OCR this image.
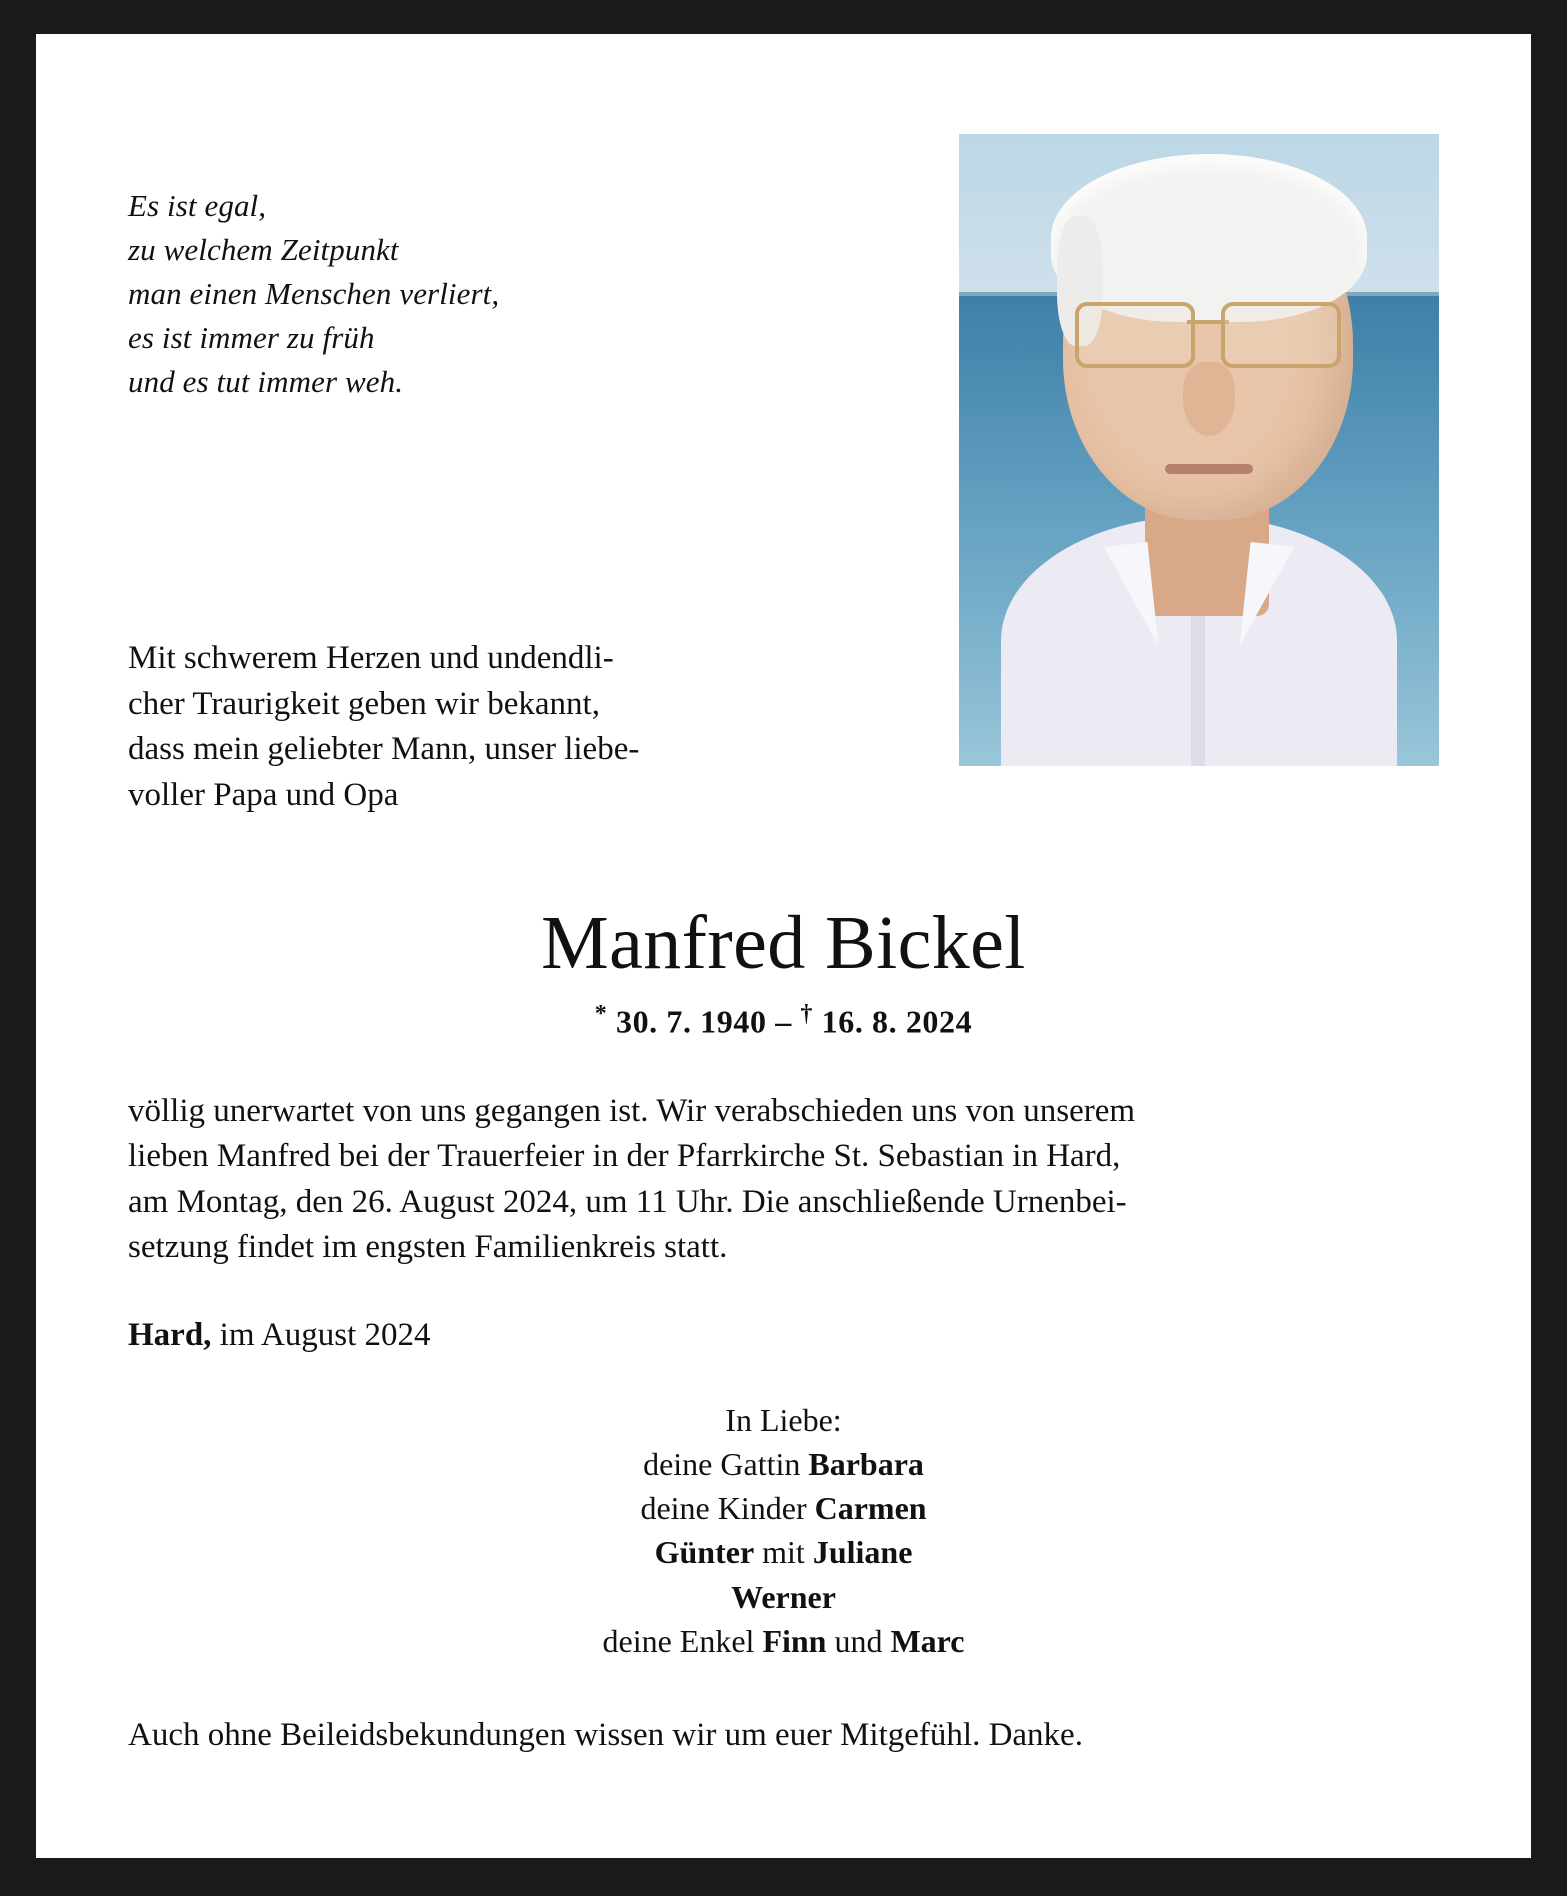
Es ist egal,
zu welchem Zeitpunkt
man einen Menschen verliert,
es ist immer zu früh
und es tut immer weh.
Mit schwerem Herzen und undendli-
cher Traurigkeit geben wir bekannt,
dass mein geliebter Mann, unser liebe-
voller Papa und Opa
Manfred Bickel
* 30. 7. 1940 – † 16. 8. 2024
völlig unerwartet von uns gegangen ist. Wir verabschieden uns von unserem
lieben Manfred bei der Trauerfeier in der Pfarrkirche St. Sebastian in Hard,
am Montag, den 26. August 2024, um 11 Uhr. Die anschließende Urnenbei-
setzung findet im engsten Familienkreis statt.
Hard, im August 2024
In Liebe:
deine Gattin Barbara
deine Kinder Carmen
Günter mit Juliane
Werner
deine Enkel Finn und Marc
Auch ohne Beileidsbekundungen wissen wir um euer Mitgefühl. Danke.
